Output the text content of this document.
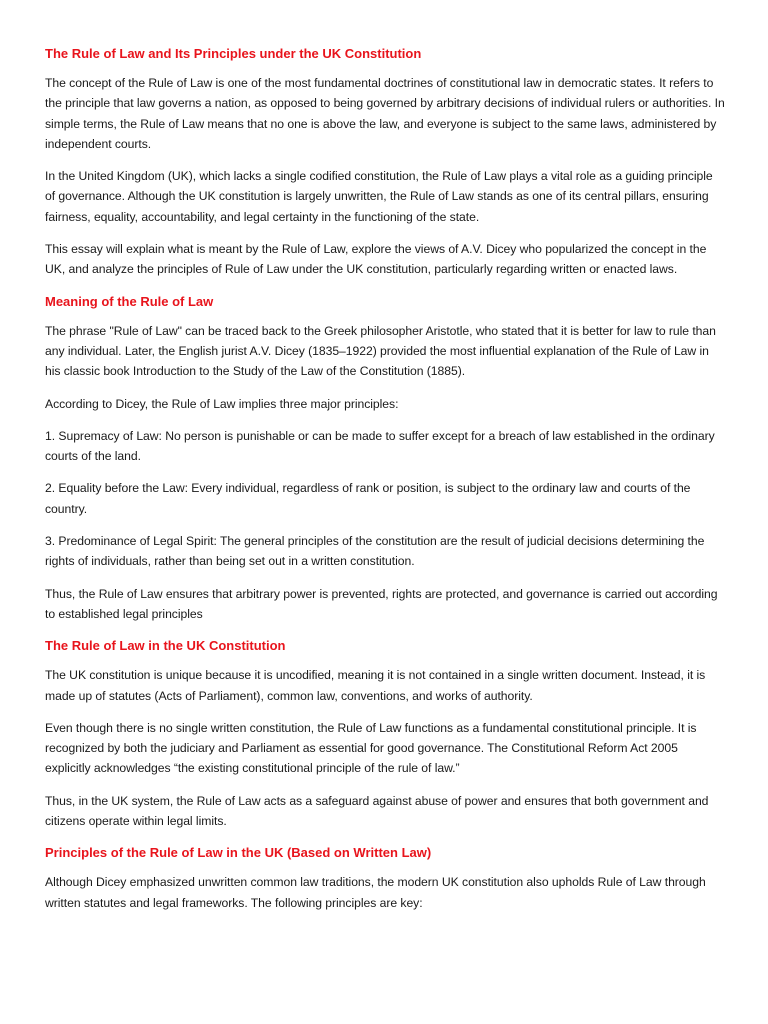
The Rule of Law and Its Principles under the UK Constitution

The concept of the Rule of Law is one of the most fundamental doctrines of constitutional law in democratic states. It refers to the principle that law governs a nation, as opposed to being governed by arbitrary decisions of individual rulers or authorities. In simple terms, the Rule of Law means that no one is above the law, and everyone is subject to the same laws, administered by independent courts.

In the United Kingdom (UK), which lacks a single codified constitution, the Rule of Law plays a vital role as a guiding principle of governance. Although the UK constitution is largely unwritten, the Rule of Law stands as one of its central pillars, ensuring fairness, equality, accountability, and legal certainty in the functioning of the state.

This essay will explain what is meant by the Rule of Law, explore the views of A.V. Dicey who popularized the concept in the UK, and analyze the principles of Rule of Law under the UK constitution, particularly regarding written or enacted laws.

Meaning of the Rule of Law

The phrase "Rule of Law" can be traced back to the Greek philosopher Aristotle, who stated that it is better for law to rule than any individual. Later, the English jurist A.V. Dicey (1835–1922) provided the most influential explanation of the Rule of Law in his classic book Introduction to the Study of the Law of the Constitution (1885).

According to Dicey, the Rule of Law implies three major principles:

1. Supremacy of Law: No person is punishable or can be made to suffer except for a breach of law established in the ordinary courts of the land.

2. Equality before the Law: Every individual, regardless of rank or position, is subject to the ordinary law and courts of the country.

3. Predominance of Legal Spirit: The general principles of the constitution are the result of judicial decisions determining the rights of individuals, rather than being set out in a written constitution.

Thus, the Rule of Law ensures that arbitrary power is prevented, rights are protected, and governance is carried out according to established legal principles

The Rule of Law in the UK Constitution

The UK constitution is unique because it is uncodified, meaning it is not contained in a single written document. Instead, it is made up of statutes (Acts of Parliament), common law, conventions, and works of authority.

Even though there is no single written constitution, the Rule of Law functions as a fundamental constitutional principle. It is recognized by both the judiciary and Parliament as essential for good governance. The Constitutional Reform Act 2005 explicitly acknowledges “the existing constitutional principle of the rule of law.”

Thus, in the UK system, the Rule of Law acts as a safeguard against abuse of power and ensures that both government and citizens operate within legal limits.

Principles of the Rule of Law in the UK (Based on Written Law)

Although Dicey emphasized unwritten common law traditions, the modern UK constitution also upholds Rule of Law through written statutes and legal frameworks. The following principles are key:
